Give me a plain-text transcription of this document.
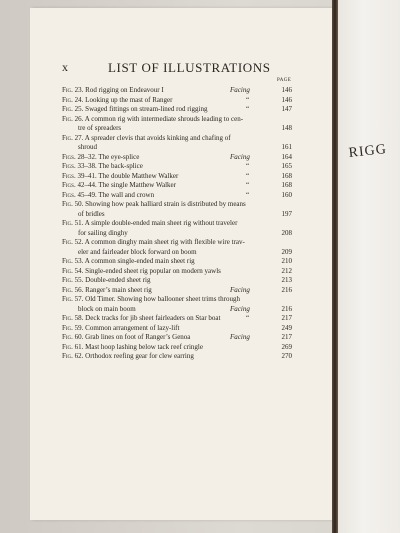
RIGG
x	LIST OF ILLUSTRATIONS
PAGE
Fig. 23. Rod rigging on Endeavour I	Facing	146
Fig. 24. Looking up the mast of Ranger	“	146
Fig. 25. Swaged fittings on stream-lined rod rigging	“	147
Fig. 26. A common rig with intermediate shrouds leading to cen-
tre of spreaders	148
Fig. 27. A spreader clevis that avoids kinking and chafing of
shroud	161
Figs. 28–32. The eye-splice	Facing	164
Figs. 33–38. The back-splice	“	165
Figs. 39–41. The double Matthew Walker	“	168
Figs. 42–44. The single Matthew Walker	“	168
Figs. 45–49. The wall and crown	“	160
Fig. 50. Showing how peak halliard strain is distributed by means
of bridles	197
Fig. 51. A simple double-ended main sheet rig without traveler
for sailing dinghy	208
Fig. 52. A common dinghy main sheet rig with flexible wire trav-
eler and fairleader block forward on boom	209
Fig. 53. A common single-ended main sheet rig	210
Fig. 54. Single-ended sheet rig popular on modern yawls	212
Fig. 55. Double-ended sheet rig	213
Fig. 56. Ranger’s main sheet rig	Facing	216
Fig. 57. Old Timer. Showing how ballooner sheet trims through
block on main boom	Facing	216
Fig. 58. Deck tracks for jib sheet fairleaders on Star boat	“	217
Fig. 59. Common arrangement of lazy-lift	249
Fig. 60. Grab lines on foot of Ranger’s Genoa	Facing	217
Fig. 61. Mast hoop lashing below tack reef cringle	269
Fig. 62. Orthodox reefing gear for clew earring	270
